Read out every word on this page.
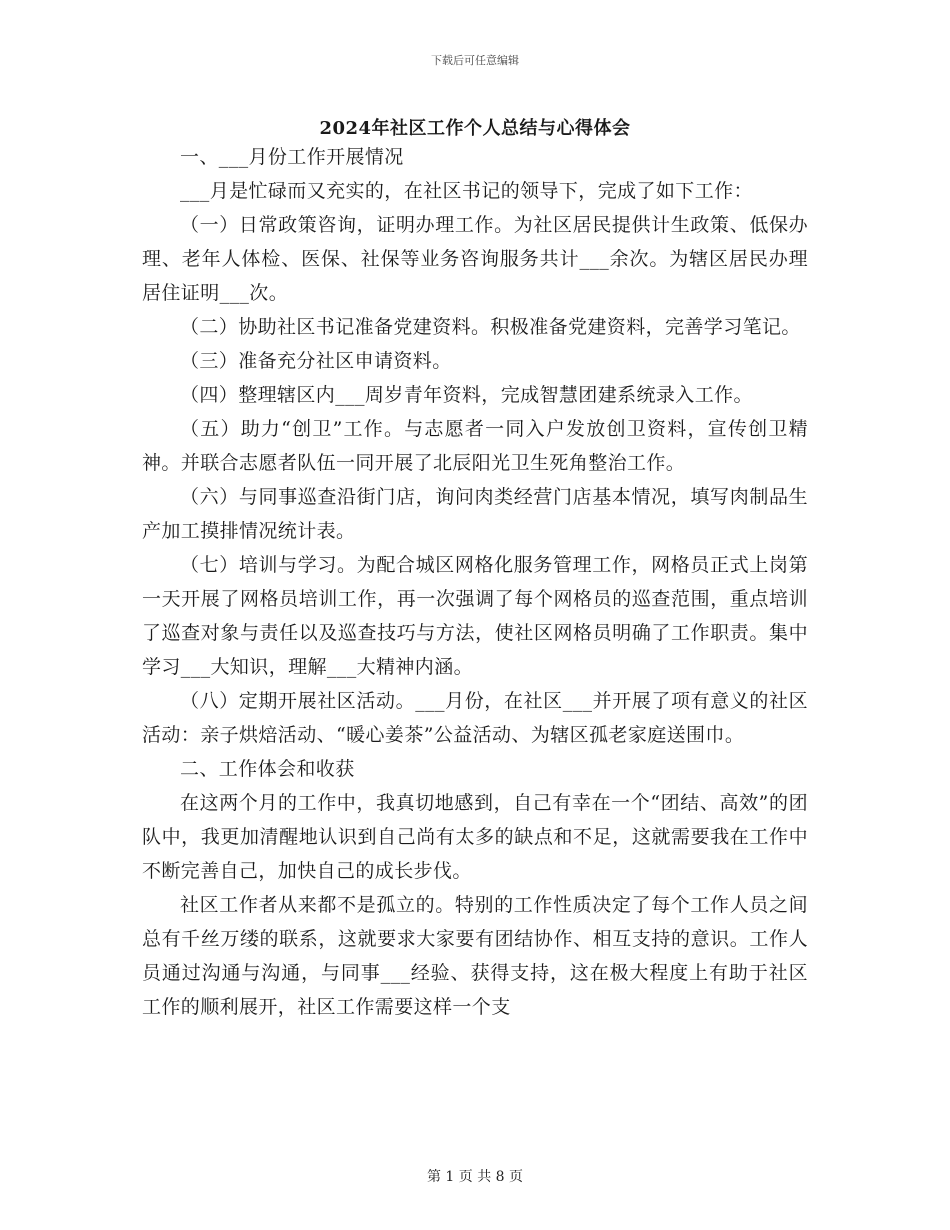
下载后可任意编辑
2024年社区工作个人总结与心得体会

一、___月份工作开展情况

___月是忙碌而又充实的，在社区书记的领导下，完成了如下工作：

（一）日常政策咨询，证明办理工作。为社区居民提供计生政策、低保办理、老年人体检、医保、社保等业务咨询服务共计___余次。为辖区居民办理居住证明___次。

（二）协助社区书记准备党建资料。积极准备党建资料，完善学习笔记。

（三）准备充分社区申请资料。

（四）整理辖区内___周岁青年资料，完成智慧团建系统录入工作。

（五）助力“创卫”工作。与志愿者一同入户发放创卫资料，宣传创卫精神。并联合志愿者队伍一同开展了北辰阳光卫生死角整治工作。

（六）与同事巡查沿街门店，询问肉类经营门店基本情况，填写肉制品生产加工摸排情况统计表。

（七）培训与学习。为配合城区网格化服务管理工作，网格员正式上岗第一天开展了网格员培训工作，再一次强调了每个网格员的巡查范围，重点培训了巡查对象与责任以及巡查技巧与方法，使社区网格员明确了工作职责。集中学习___大知识，理解___大精神内涵。

（八）定期开展社区活动。___月份，在社区___并开展了项有意义的社区活动：亲子烘焙活动、“暖心姜茶”公益活动、为辖区孤老家庭送围巾。

二、工作体会和收获

在这两个月的工作中，我真切地感到，自己有幸在一个“团结、高效”的团队中，我更加清醒地认识到自己尚有太多的缺点和不足，这就需要我在工作中不断完善自己，加快自己的成长步伐。

社区工作者从来都不是孤立的。特别的工作性质决定了每个工作人员之间总有千丝万缕的联系，这就要求大家要有团结协作、相互支持的意识。工作人员通过沟通与沟通，与同事___经验、获得支持，这在极大程度上有助于社区工作的顺利展开，社区工作需要这样一个支

第 1 页 共 8 页
